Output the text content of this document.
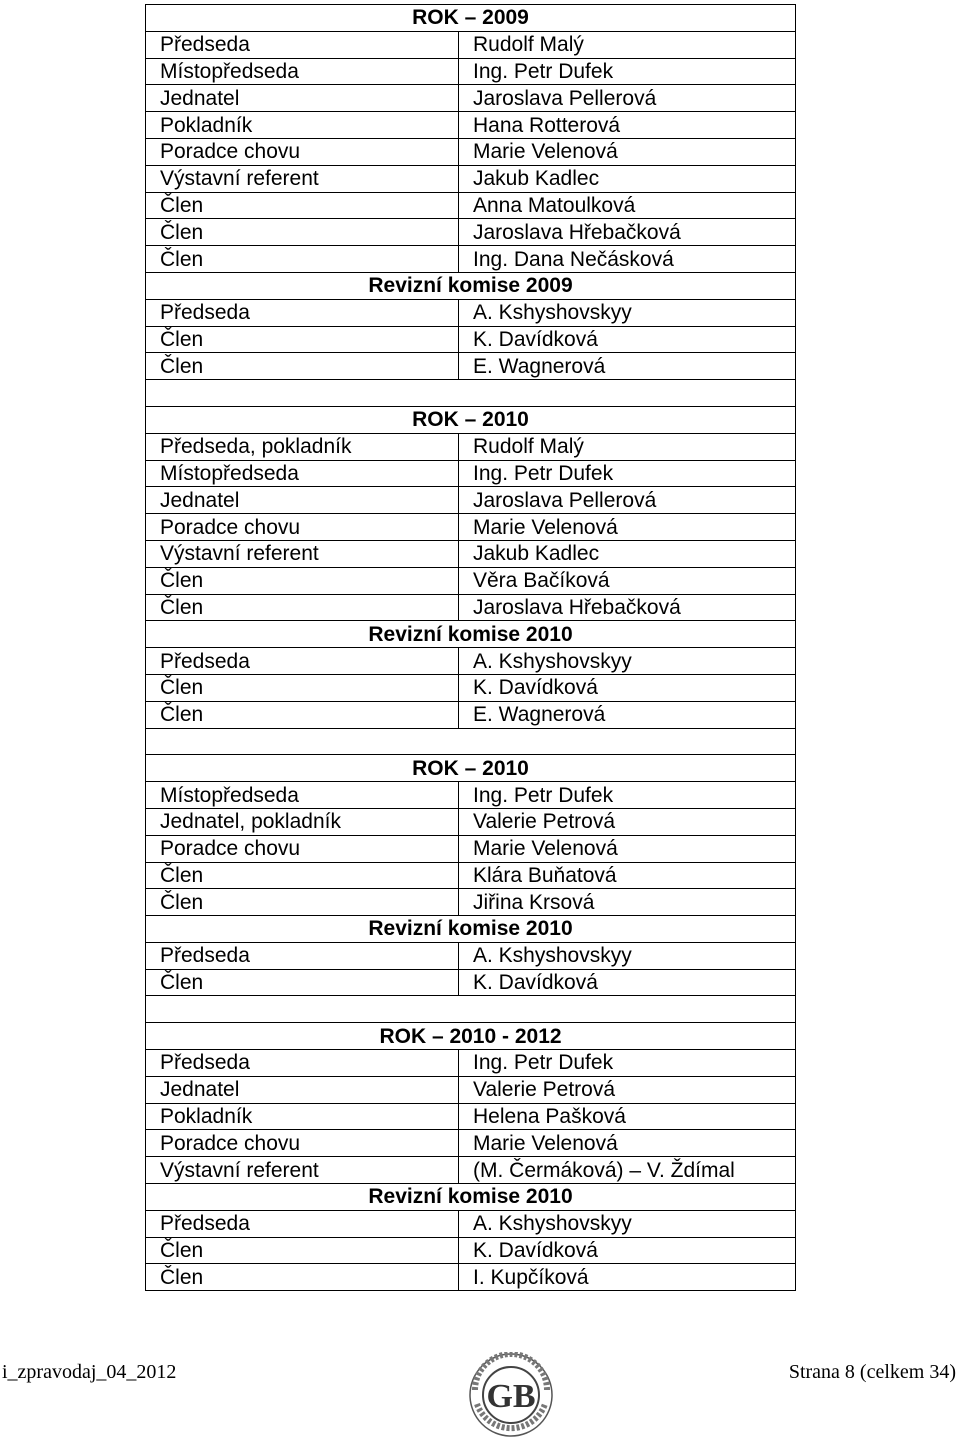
ROK – 2009	
Předseda	Rudolf Malý
Místopředseda	Ing. Petr Dufek
Jednatel	Jaroslava Pellerová
Pokladník	Hana Rotterová
Poradce chovu	Marie Velenová
Výstavní referent	Jakub Kadlec
Člen	Anna Matoulková
Člen	Jaroslava Hřebačková
Člen	Ing. Dana Nečásková
Revizní komise 2009	
Předseda	A. Kshyshovskyy
Člen	K. Davídková
Člen	E. Wagnerová

ROK – 2010	
Předseda, pokladník	Rudolf Malý
Místopředseda	Ing. Petr Dufek
Jednatel	Jaroslava Pellerová
Poradce chovu	Marie Velenová
Výstavní referent	Jakub Kadlec
Člen	Věra Bačíková
Člen	Jaroslava Hřebačková
Revizní komise 2010	
Předseda	A. Kshyshovskyy
Člen	K. Davídková
Člen	E. Wagnerová

ROK – 2010	
Místopředseda	Ing. Petr Dufek
Jednatel, pokladník	Valerie Petrová
Poradce chovu	Marie Velenová
Člen	Klára Buňatová
Člen	Jiřina Krsová
Revizní komise 2010	
Předseda	A. Kshyshovskyy
Člen	K. Davídková

ROK – 2010 - 2012	
Předseda	Ing. Petr Dufek
Jednatel	Valerie Petrová
Pokladník	Helena Pašková
Poradce chovu	Marie Velenová
Výstavní referent	(M. Čermáková) – V. Ždímal
Revizní komise 2010	
Předseda	A. Kshyshovskyy
Člen	K. Davídková
Člen	I. Kupčíková
i_zpravodaj_04_2012	Strana 8 (celkem 34)
GB
